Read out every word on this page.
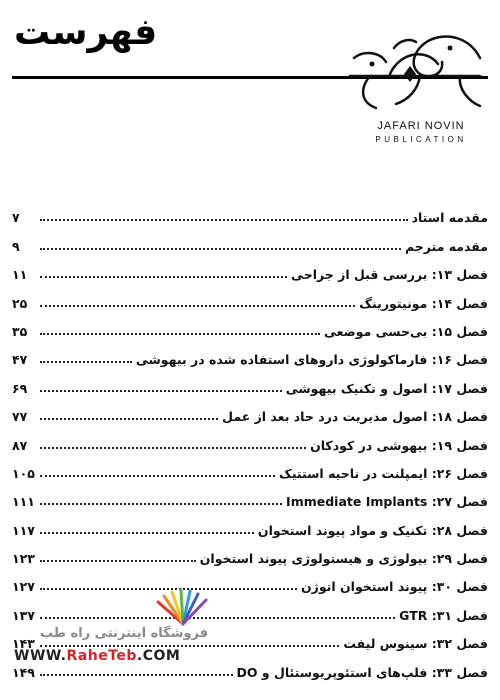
فهرست
JAFARI NOVIN
PUBLICATION
مقدمه استاد
۷
مقدمه مترجم
۹
فصل ۱۳: بررسی قبل از جراحی
۱۱
فصل ۱۴: مونیتورینگ
۲۵
فصل ۱۵: بی‌حسی موضعی
۳۵
فصل ۱۶: فارماکولوژی داروهای استفاده شده در بیهوشی
۴۷
فصل ۱۷: اصول و تکنیک بیهوشی
۶۹
فصل ۱۸: اصول مدیریت درد حاد بعد از عمل
۷۷
فصل ۱۹: بیهوشی در کودکان
۸۷
فصل ۲۶: ایمپلنت در ناحیه استتیک
۱۰۵
فصل ۲۷: Immediate Implants
۱۱۱
فصل ۲۸: تکنیک و مواد پیوند استخوان
۱۱۷
فصل ۲۹: بیولوژی و هیستولوژی پیوند استخوان
۱۲۳
فصل ۳۰: پیوند استخوان اتوژن
۱۲۷
فصل ۳۱: GTR
۱۳۷
فصل ۳۲: سینوس لیفت
۱۴۳
فصل ۳۳: فلپ‌های استئوپریوستئال و DO
۱۴۹
فروشگاه اینترنتی راه طب
WWW.RaheTeb.COM
